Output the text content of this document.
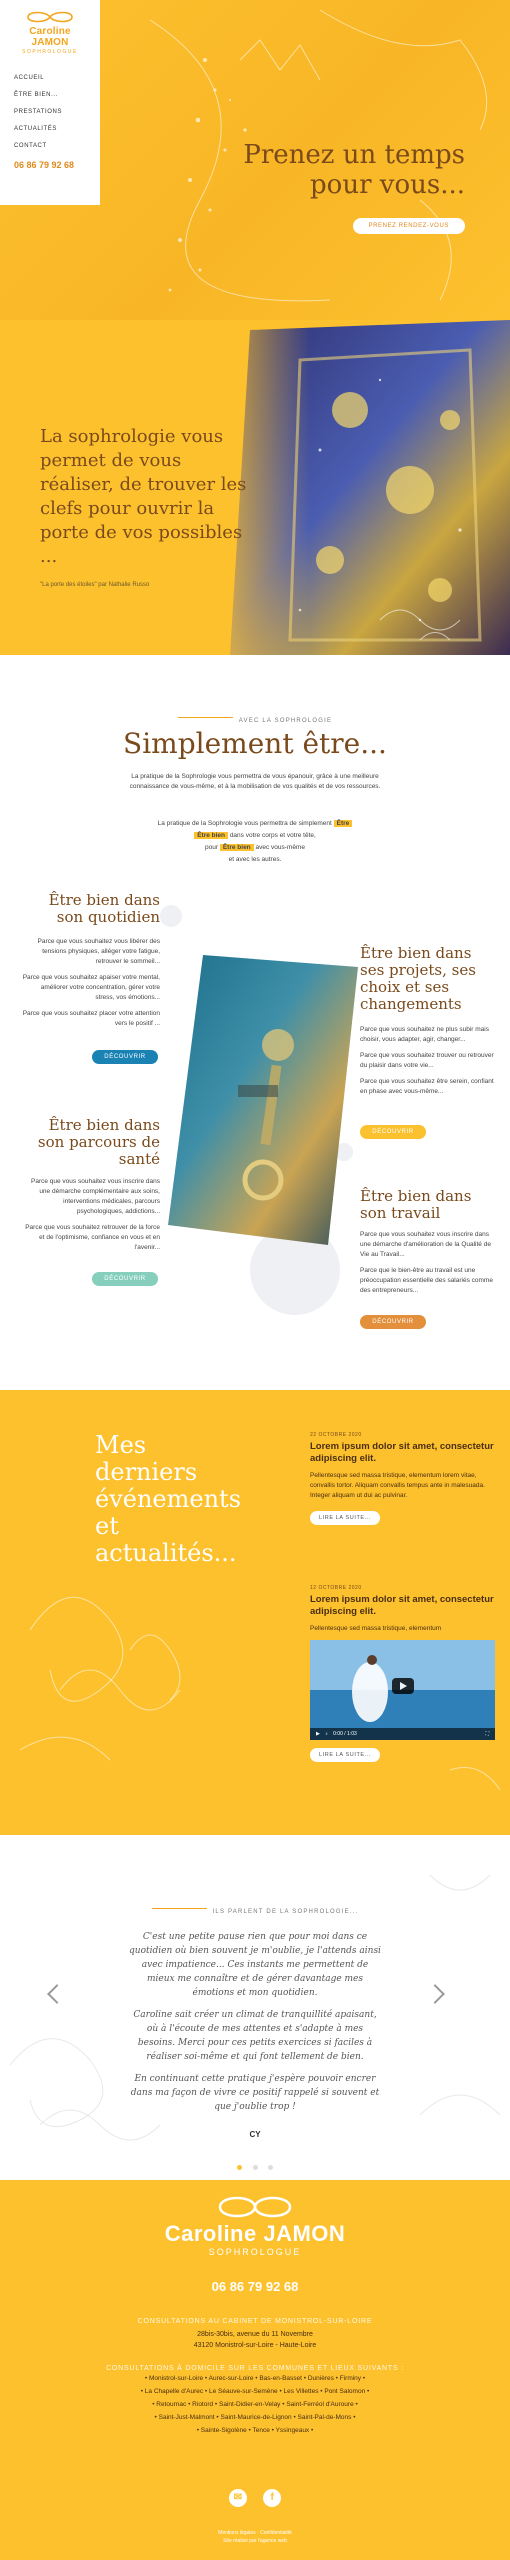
Prenez un temps pour vous...
PRENEZ RENDEZ-VOUS
Caroline JAMON
SOPHROLOGUE
ACCUEIL
ÊTRE BIEN...
PRESTATIONS
ACTUALITÉS
CONTACT
06 86 79 92 68
La sophrologie vous permet de vous réaliser, de trouver les clefs pour ouvrir la porte de vos possibles ...
"La porte des étoiles" par Nathalie Russo
AVEC LA SOPHROLOGIE
Simplement être...
La pratique de la Sophrologie vous permettra de vous épanouir, grâce à une meilleure connaissance de vous-même, et à la mobilisation de vos qualités et de vos ressources.
La pratique de la Sophrologie vous permettra de simplement Être
Être bien dans votre corps et votre tête,
pour Être bien avec vous-même
et avec les autres.
Être bien dans son quotidien

Parce que vous souhaitez vous libérer des tensions physiques, alléger votre fatigue, retrouver le sommeil...

Parce que vous souhaitez apaiser votre mental, améliorer votre concentration, gérer votre stress, vos émotions...

Parce que vous souhaitez placer votre attention vers le positif ...

DÉCOUVRIR
Être bien dans ses projets, ses choix et ses changements

Parce que vous souhaitez ne plus subir mais choisir, vous adapter, agir, changer...

Parce que vous souhaitez trouver ou retrouver du plaisir dans votre vie...

Parce que vous souhaitez être serein, confiant en phase avec vous-même...

DÉCOUVRIR
Être bien dans son parcours de santé

Parce que vous souhaitez vous inscrire dans une démarche complémentaire aux soins, interventions médicales, parcours psychologiques, addictions...

Parce que vous souhaitez retrouver de la force et de l'optimisme, confiance en vous et en l'avenir...

DÉCOUVRIR
Être bien dans son travail

Parce que vous souhaitez vous inscrire dans une démarche d'amélioration de la Qualité de Vie au Travail...

Parce que le bien-être au travail est une préoccupation essentielle des salariés comme des entrepreneurs...

DÉCOUVRIR
Mes derniers événements et actualités...
22 OCTOBRE 2020
Lorem ipsum dolor sit amet, consectetur adipiscing elit.
Pellentesque sed massa tristique, elementum lorem vitae, convallis tortor. Aliquam convallis tempus ante in malesuada. Integer aliquam ut dui ac pulvinar.
LIRE LA SUITE...
12 OCTOBRE 2020
Lorem ipsum dolor sit amet, consectetur adipiscing elit.
Pellentesque sed massa tristique, elementum
▶ ♪ 0:00 / 1:03	⛶
LIRE LA SUITE...
ILS PARLENT DE LA SOPHROLOGIE...

C'est une petite pause rien que pour moi dans ce quotidien où bien souvent je m'oublie, je l'attends ainsi avec impatience... Ces instants me permettent de mieux me connaître et de gérer davantage mes émotions et mon quotidien.

Caroline sait créer un climat de tranquillité apaisant, où à l'écoute de mes attentes et s'adapte à mes besoins. Merci pour ces petits exercices si faciles à réaliser soi-même et qui font tellement de bien.

En continuant cette pratique j'espère pouvoir encrer dans ma façon de vivre ce positif rappelé si souvent et que j'oublie trop !

CY

Caroline JAMON
SOPHROLOGUE
06 86 79 92 68
CONSULTATIONS AU CABINET DE MONISTROL-SUR-LOIRE
28bis-30bis, avenue du 11 Novembre
43120 Monistrol-sur-Loire - Haute-Loire
CONSULTATIONS À DOMICILE SUR LES COMMUNES ET LIEUX SUIVANTS :
• Monistrol-sur-Loire • Aurec-sur-Loire • Bas-en-Basset • Dunières • Firminy •
• La Chapelle d'Aurec • Le Séauve-sur-Semène • Les Villettes • Pont Salomon •
• Retournac • Riotord • Saint-Didier-en-Velay • Saint-Ferréol d'Auroure •
• Saint-Just-Malmont • Saint-Maurice-de-Lignon • Saint-Pal-de-Mons •
• Sainte-Sigolène • Tence • Yssingeaux •
✉	f
Mentions légales · Confidentialité
Site réalisé par l'agence web
